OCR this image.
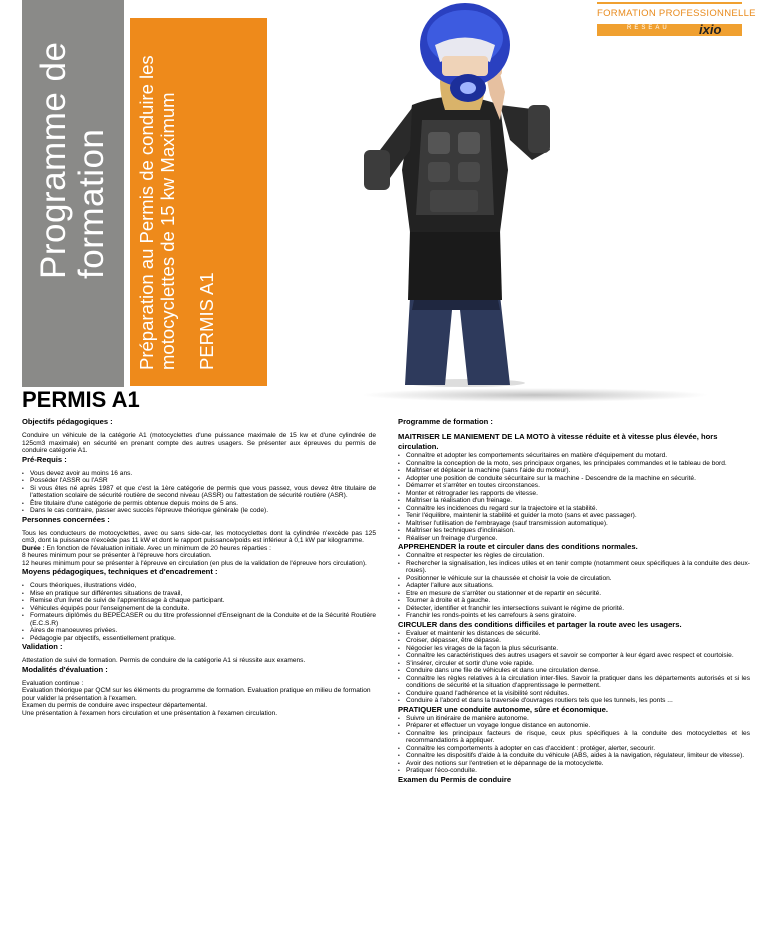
Programme de formation Préparation au Permis de conduire les motocyclettes de 15 kw Maximum PERMIS A1
FORMATION PROFESSIONNELLE
RÉSEAU ixio
PERMIS A1
Objectifs pédagogiques :

Conduire un véhicule de la catégorie A1 (motocyclettes d'une puissance maximale de 15 kw et d'une cylindrée de 125cm3 maximale) en sécurité en prenant compte des autres usagers. Se présenter aux épreuves du permis de conduire catégorie A1.

Pré-Requis :
• Vous devez avoir au moins 16 ans.
• Posséder l'ASSR ou l'ASR
• Si vous êtes né après 1987 et que c'est la 1ère catégorie de permis que vous passez, vous devez être titulaire de l'attestation scolaire de sécurité routière de second niveau (ASSR) ou l'attestation de sécurité routière (ASR).
• Être titulaire d'une catégorie de permis obtenue depuis moins de 5 ans.
• Dans le cas contraire, passer avec succès l'épreuve théorique générale (le code).
Personnes concernées :

Tous les conducteurs de motocyclettes, avec ou sans side-car, les motocyclettes dont la cylindrée n'excède pas 125 cm3, dont la puissance n'excède pas 11 kW et dont le rapport puissance/poids est inférieur à 0,1 kW par kilogramme.

Durée : En fonction de l'évaluation initiale. Avec un minimum de 20 heures réparties :

8 heures minimum pour se présenter à l'épreuve hors circulation.

12 heures minimum pour se présenter à l'épreuve en circulation (en plus de la validation de l'épreuve hors circulation).

Moyens pédagogiques, techniques et d'encadrement :
• Cours théoriques, illustrations vidéo,
• Mise en pratique sur différentes situations de travail,
• Remise d'un livret de suivi de l'apprentissage à chaque participant.
• Véhicules équipés pour l'enseignement de la conduite.
• Formateurs diplômés du BEPECASER ou du titre professionnel d'Enseignant de la Conduite et de la Sécurité Routière (E.C.S.R)
• Aires de manoeuvres privées.
• Pédagogie par objectifs, essentiellement pratique.
Validation :

Attestation de suivi de formation. Permis de conduire de la catégorie A1 si réussite aux examens.

Modalités d'évaluation :

Evaluation continue :

Evaluation théorique par QCM sur les éléments du programme de formation. Evaluation pratique en milieu de formation pour valider la présentation à l'examen.

Examen du permis de conduire avec inspecteur départemental.

Une présentation à l'examen hors circulation et une présentation à l'examen circulation.

Programme de formation :

MAITRISER LE MANIEMENT DE LA MOTO à vitesse réduite et à vitesse plus élevée, hors circulation.

• Connaître et adopter les comportements sécuritaires en matière d'équipement du motard.
• Connaître la conception de la moto, ses principaux organes, les principales commandes et le tableau de bord.
• Maîtriser et déplacer la machine (sans l'aide du moteur).
• Adopter une position de conduite sécuritaire sur la machine - Descendre de la machine en sécurité.
• Démarrer et s'arrêter en toutes circonstances.
• Monter et rétrograder les rapports de vitesse.
• Maîtriser la réalisation d'un freinage.
• Connaître les incidences du regard sur la trajectoire et la stabilité.
• Tenir l'équilibre, maintenir la stabilité et guider la moto (sans et avec passager).
• Maîtriser l'utilisation de l'embrayage (sauf transmission automatique).
• Maîtriser les techniques d'inclinaison.
• Réaliser un freinage d'urgence.

APPREHENDER la route et circuler dans des conditions normales.

• Connaître et respecter les règles de circulation.
• Rechercher la signalisation, les indices utiles et en tenir compte (notamment ceux spécifiques à la conduite des deux-roues).
• Positionner le véhicule sur la chaussée et choisir la voie de circulation.
• Adapter l'allure aux situations.
• Etre en mesure de s'arrêter ou stationner et de repartir en sécurité.
• Tourner à droite et à gauche.
• Détecter, identifier et franchir les intersections suivant le régime de priorité.
• Franchir les ronds-points et les carrefours à sens giratoire.

CIRCULER dans des conditions difficiles et partager la route avec les usagers.

• Evaluer et maintenir les distances de sécurité.
• Croiser, dépasser, être dépassé.
• Négocier les virages de la façon la plus sécurisante.
• Connaître les caractéristiques des autres usagers et savoir se comporter à leur égard avec respect et courtoisie.
• S'insérer, circuler et sortir d'une voie rapide.
• Conduire dans une file de véhicules et dans une circulation dense.
• Connaître les règles relatives à la circulation inter-files. Savoir la pratiquer dans les départements autorisés et si les conditions de sécurité et la situation d'apprentissage le permettent.
• Conduire quand l'adhérence et la visibilité sont réduites.
• Conduire à l'abord et dans la traversée d'ouvrages routiers tels que les tunnels, les ponts ...

PRATIQUER une conduite autonome, sûre et économique.

• Suivre un itinéraire de manière autonome.
• Préparer et effectuer un voyage longue distance en autonomie.
• Connaître les principaux facteurs de risque, ceux plus spécifiques à la conduite des motocyclettes et les recommandations à appliquer.
• Connaître les comportements à adopter en cas d'accident : protéger, alerter, secourir.
• Connaître les dispositifs d'aide à la conduite du véhicule (ABS, aides à la navigation, régulateur, limiteur de vitesse).
• Avoir des notions sur l'entretien et le dépannage de la motocyclette.
• Pratiquer l'éco-conduite.
Examen du Permis de conduire
